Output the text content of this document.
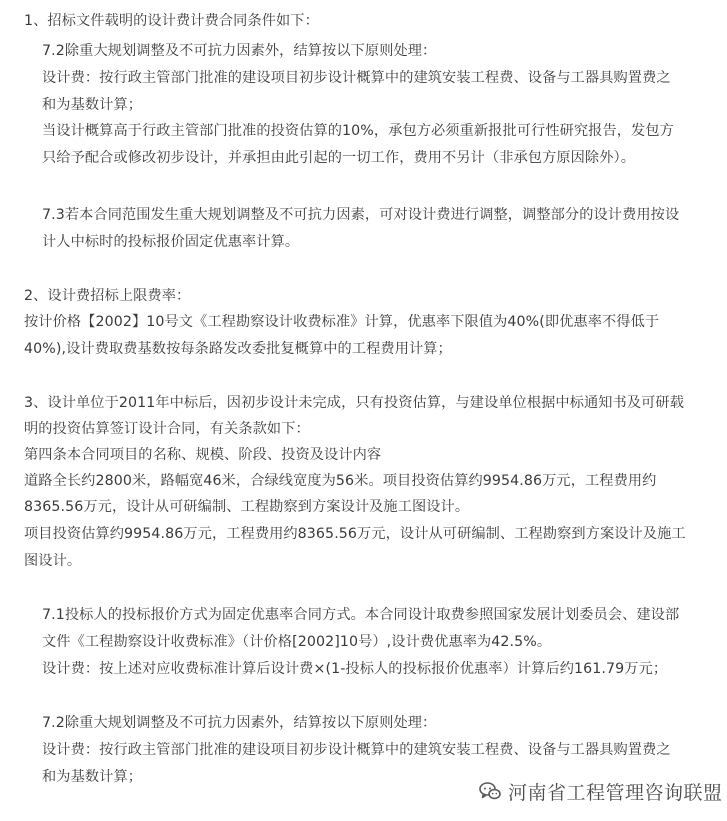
1、招标文件载明的设计费计费合同条件如下：
7.2除重大规划调整及不可抗力因素外，结算按以下原则处理：
设计费：按行政主管部门批准的建设项目初步设计概算中的建筑安装工程费、设备与工器具购置费之
和为基数计算；
当设计概算高于行政主管部门批准的投资估算的10%，承包方必须重新报批可行性研究报告，发包方
只给予配合或修改初步设计，并承担由此引起的一切工作，费用不另计（非承包方原因除外）。
7.3若本合同范围发生重大规划调整及不可抗力因素，可对设计费进行调整，调整部分的设计费用按设
计人中标时的投标报价固定优惠率计算。
2、设计费招标上限费率：
按计价格【2002】10号文《工程勘察设计收费标准》计算，优惠率下限值为40%(即优惠率不得低于
40%),设计费取费基数按每条路发改委批复概算中的工程费用计算；
3、设计单位于2011年中标后，因初步设计未完成，只有投资估算，与建设单位根据中标通知书及可研载
明的投资估算签订设计合同，有关条款如下：
第四条本合同项目的名称、规模、阶段、投资及设计内容
道路全长约2800米，路幅宽46米，合绿线宽度为56米。项目投资估算约9954.86万元，工程费用约
8365.56万元，设计从可研编制、工程勘察到方案设计及施工图设计。
项目投资估算约9954.86万元，工程费用约8365.56万元，设计从可研编制、工程勘察到方案设计及施工
图设计。
7.1投标人的投标报价方式为固定优惠率合同方式。本合同设计取费参照国家发展计划委员会、建设部
文件《工程勘察设计收费标准》（计价格[2002]10号）,设计费优惠率为42.5%。
设计费：按上述对应收费标准计算后设计费×(1-投标人的投标报价优惠率）计算后约161.79万元；
7.2除重大规划调整及不可抗力因素外，结算按以下原则处理：
设计费：按行政主管部门批准的建设项目初步设计概算中的建筑安装工程费、设备与工器具购置费之
和为基数计算；
河南省工程管理咨询联盟
